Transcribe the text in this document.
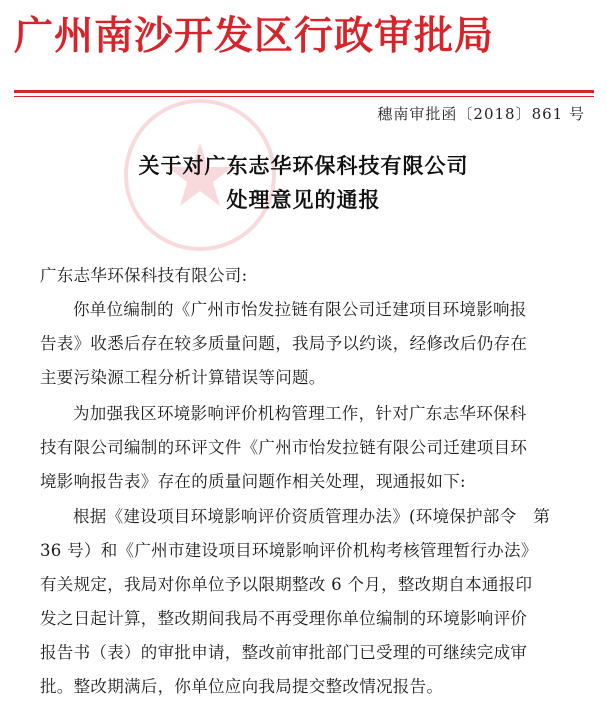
广州南沙开发区行政审批局
穗南审批函〔2018〕861 号
关于对广东志华环保科技有限公司
处理意见的通报
广东志华环保科技有限公司:
你单位编制的《广州市怡发拉链有限公司迁建项目环境影响报
告表》收悉后存在较多质量问题，我局予以约谈，经修改后仍存在
主要污染源工程分析计算错误等问题。
为加强我区环境影响评价机构管理工作，针对广东志华环保科
技有限公司编制的环评文件《广州市怡发拉链有限公司迁建项目环
境影响报告表》存在的质量问题作相关处理，现通报如下:
根据《建设项目环境影响评价资质管理办法》(环境保护部令　第
36 号）和《广州市建设项目环境影响评价机构考核管理暂行办法》
有关规定，我局对你单位予以限期整改 6 个月，整改期自本通报印
发之日起计算，整改期间我局不再受理你单位编制的环境影响评价
报告书（表）的审批申请，整改前审批部门已受理的可继续完成审
批。整改期满后，你单位应向我局提交整改情况报告。
